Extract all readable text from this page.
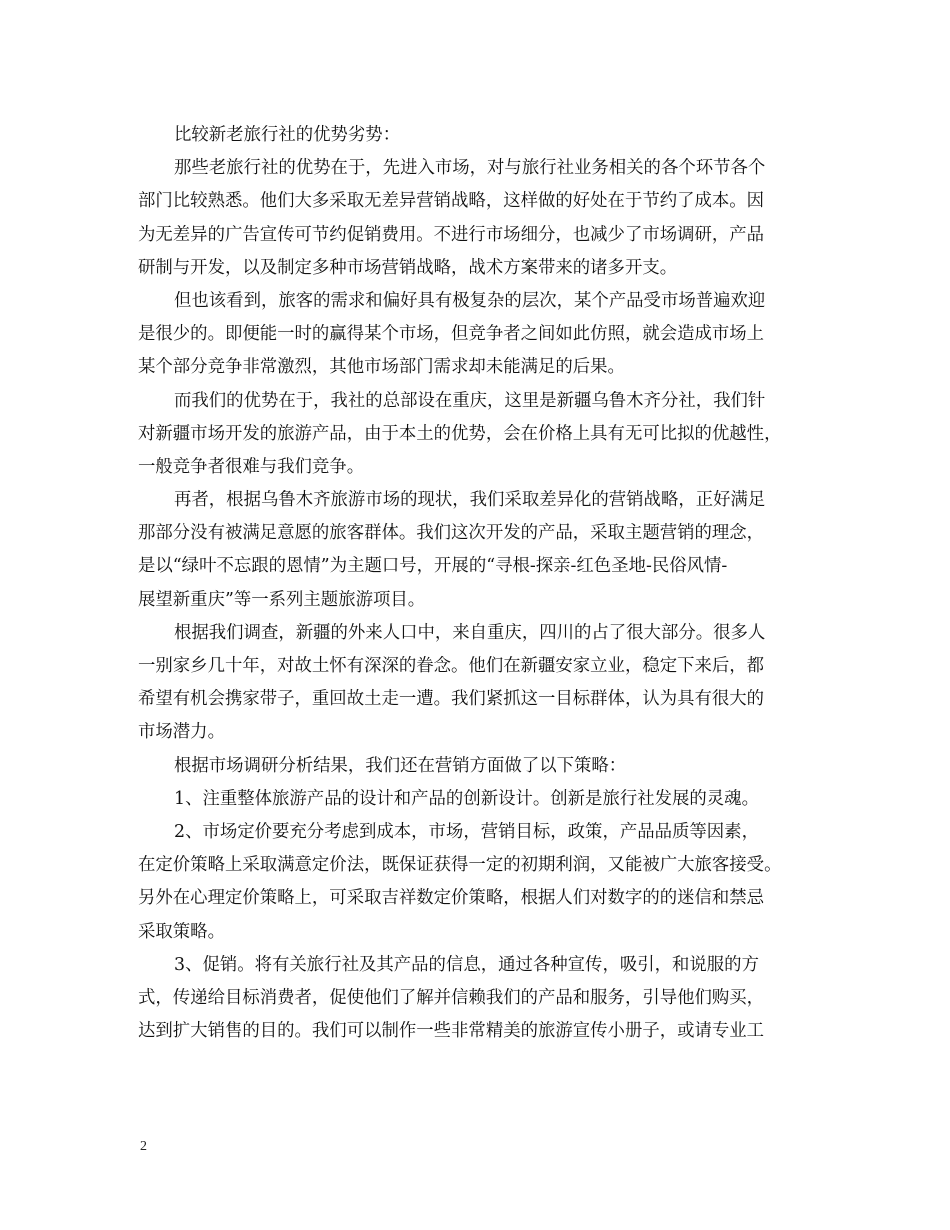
比较新老旅行社的优势劣势：
那些老旅行社的优势在于，先进入市场，对与旅行社业务相关的各个环节各个
部门比较熟悉。他们大多采取无差异营销战略，这样做的好处在于节约了成本。因
为无差异的广告宣传可节约促销费用。不进行市场细分，也减少了市场调研，产品
研制与开发，以及制定多种市场营销战略，战术方案带来的诸多开支。
但也该看到，旅客的需求和偏好具有极复杂的层次，某个产品受市场普遍欢迎
是很少的。即便能一时的赢得某个市场，但竞争者之间如此仿照，就会造成市场上
某个部分竞争非常激烈，其他市场部门需求却未能满足的后果。
而我们的优势在于，我社的总部设在重庆，这里是新疆乌鲁木齐分社，我们针
对新疆市场开发的旅游产品，由于本土的优势，会在价格上具有无可比拟的优越性，
一般竞争者很难与我们竞争。
再者，根据乌鲁木齐旅游市场的现状，我们采取差异化的营销战略，正好满足
那部分没有被满足意愿的旅客群体。我们这次开发的产品，采取主题营销的理念，
是以“绿叶不忘跟的恩情”为主题口号，开展的“寻根-探亲-红色圣地-民俗风情-
展望新重庆”等一系列主题旅游项目。
根据我们调查，新疆的外来人口中，来自重庆，四川的占了很大部分。很多人
一别家乡几十年，对故土怀有深深的眷念。他们在新疆安家立业，稳定下来后，都
希望有机会携家带子，重回故土走一遭。我们紧抓这一目标群体，认为具有很大的
市场潜力。
根据市场调研分析结果，我们还在营销方面做了以下策略：
1、注重整体旅游产品的设计和产品的创新设计。创新是旅行社发展的灵魂。
2、市场定价要充分考虑到成本，市场，营销目标，政策，产品品质等因素，
在定价策略上采取满意定价法，既保证获得一定的初期利润，又能被广大旅客接受。
另外在心理定价策略上，可采取吉祥数定价策略，根据人们对数字的的迷信和禁忌
采取策略。
3、促销。将有关旅行社及其产品的信息，通过各种宣传，吸引，和说服的方
式，传递给目标消费者，促使他们了解并信赖我们的产品和服务，引导他们购买，
达到扩大销售的目的。我们可以制作一些非常精美的旅游宣传小册子，或请专业工
2
